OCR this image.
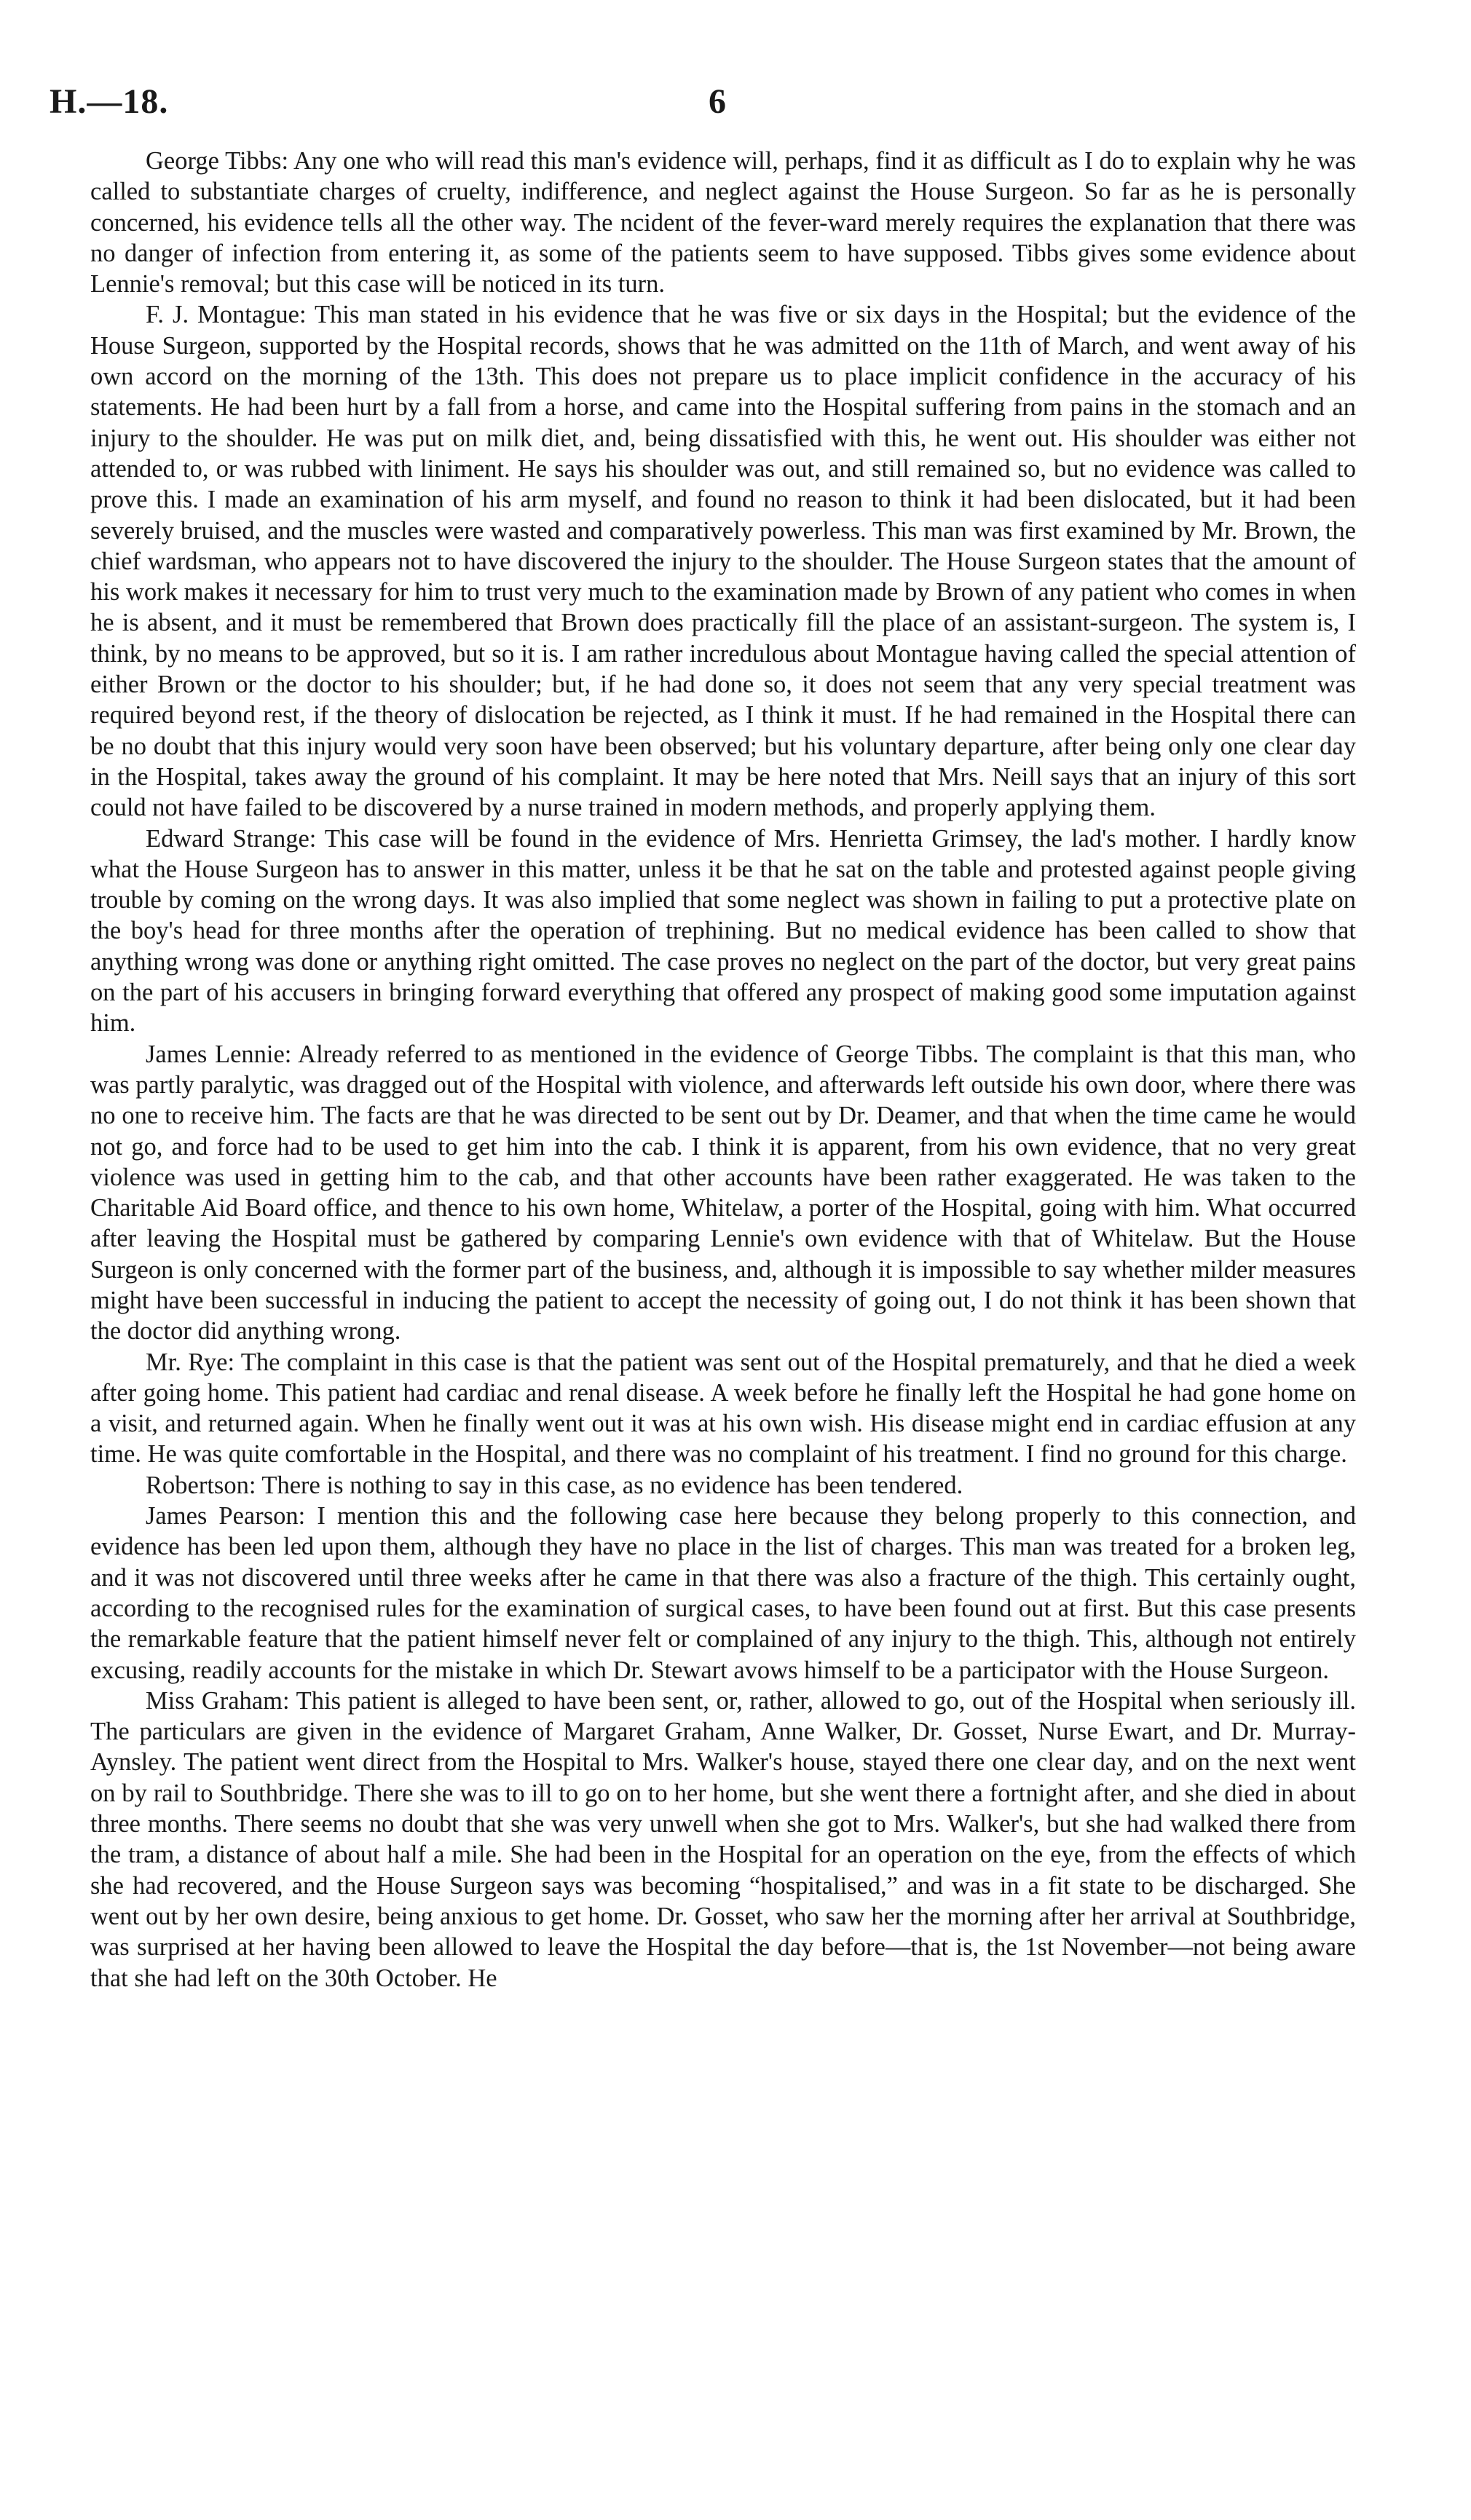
H.—18.	6

George Tibbs: Any one who will read this man's evidence will, perhaps, find it as difficult as I do to explain why he was called to substantiate charges of cruelty, indifference, and neglect against the House Surgeon. So far as he is personally concerned, his evidence tells all the other way. The ncident of the fever-ward merely requires the explanation that there was no danger of infection from entering it, as some of the patients seem to have supposed. Tibbs gives some evidence about Lennie's removal; but this case will be noticed in its turn.

F. J. Montague: This man stated in his evidence that he was five or six days in the Hospital; but the evidence of the House Surgeon, supported by the Hospital records, shows that he was admitted on the 11th of March, and went away of his own accord on the morning of the 13th. This does not prepare us to place implicit confidence in the accuracy of his statements. He had been hurt by a fall from a horse, and came into the Hospital suffering from pains in the stomach and an injury to the shoulder. He was put on milk diet, and, being dissatisfied with this, he went out. His shoulder was either not attended to, or was rubbed with liniment. He says his shoulder was out, and still remained so, but no evidence was called to prove this. I made an examination of his arm myself, and found no reason to think it had been dislocated, but it had been severely bruised, and the muscles were wasted and comparatively powerless. This man was first examined by Mr. Brown, the chief wardsman, who appears not to have discovered the injury to the shoulder. The House Surgeon states that the amount of his work makes it necessary for him to trust very much to the examination made by Brown of any patient who comes in when he is absent, and it must be remembered that Brown does practically fill the place of an assistant-surgeon. The system is, I think, by no means to be approved, but so it is. I am rather incredulous about Montague having called the special attention of either Brown or the doctor to his shoulder; but, if he had done so, it does not seem that any very special treatment was required beyond rest, if the theory of dislocation be rejected, as I think it must. If he had remained in the Hospital there can be no doubt that this injury would very soon have been observed; but his voluntary departure, after being only one clear day in the Hospital, takes away the ground of his complaint. It may be here noted that Mrs. Neill says that an injury of this sort could not have failed to be discovered by a nurse trained in modern methods, and properly applying them.

Edward Strange: This case will be found in the evidence of Mrs. Henrietta Grimsey, the lad's mother. I hardly know what the House Surgeon has to answer in this matter, unless it be that he sat on the table and protested against people giving trouble by coming on the wrong days. It was also implied that some neglect was shown in failing to put a protective plate on the boy's head for three months after the operation of trephining. But no medical evidence has been called to show that anything wrong was done or anything right omitted. The case proves no neglect on the part of the doctor, but very great pains on the part of his accusers in bringing forward everything that offered any prospect of making good some imputation against him.

James Lennie: Already referred to as mentioned in the evidence of George Tibbs. The complaint is that this man, who was partly paralytic, was dragged out of the Hospital with violence, and afterwards left outside his own door, where there was no one to receive him. The facts are that he was directed to be sent out by Dr. Deamer, and that when the time came he would not go, and force had to be used to get him into the cab. I think it is apparent, from his own evidence, that no very great violence was used in getting him to the cab, and that other accounts have been rather exaggerated. He was taken to the Charitable Aid Board office, and thence to his own home, Whitelaw, a porter of the Hospital, going with him. What occurred after leaving the Hospital must be gathered by comparing Lennie's own evidence with that of Whitelaw. But the House Surgeon is only concerned with the former part of the business, and, although it is impossible to say whether milder measures might have been successful in inducing the patient to accept the necessity of going out, I do not think it has been shown that the doctor did anything wrong.

Mr. Rye: The complaint in this case is that the patient was sent out of the Hospital prematurely, and that he died a week after going home. This patient had cardiac and renal disease. A week before he finally left the Hospital he had gone home on a visit, and returned again. When he finally went out it was at his own wish. His disease might end in cardiac effusion at any time. He was quite comfortable in the Hospital, and there was no complaint of his treatment. I find no ground for this charge.

Robertson: There is nothing to say in this case, as no evidence has been tendered.

James Pearson: I mention this and the following case here because they belong properly to this connection, and evidence has been led upon them, although they have no place in the list of charges. This man was treated for a broken leg, and it was not discovered until three weeks after he came in that there was also a fracture of the thigh. This certainly ought, according to the recognised rules for the examination of surgical cases, to have been found out at first. But this case presents the remarkable feature that the patient himself never felt or complained of any injury to the thigh. This, although not entirely excusing, readily accounts for the mistake in which Dr. Stewart avows himself to be a participator with the House Surgeon.

Miss Graham: This patient is alleged to have been sent, or, rather, allowed to go, out of the Hospital when seriously ill. The particulars are given in the evidence of Margaret Graham, Anne Walker, Dr. Gosset, Nurse Ewart, and Dr. Murray-Aynsley. The patient went direct from the Hospital to Mrs. Walker's house, stayed there one clear day, and on the next went on by rail to Southbridge. There she was to ill to go on to her home, but she went there a fortnight after, and she died in about three months. There seems no doubt that she was very unwell when she got to Mrs. Walker's, but she had walked there from the tram, a distance of about half a mile. She had been in the Hospital for an operation on the eye, from the effects of which she had recovered, and the House Surgeon says was becoming “hospitalised,” and was in a fit state to be discharged. She went out by her own desire, being anxious to get home. Dr. Gosset, who saw her the morning after her arrival at Southbridge, was surprised at her having been allowed to leave the Hospital the day before—that is, the 1st November—not being aware that she had left on the 30th October. He
